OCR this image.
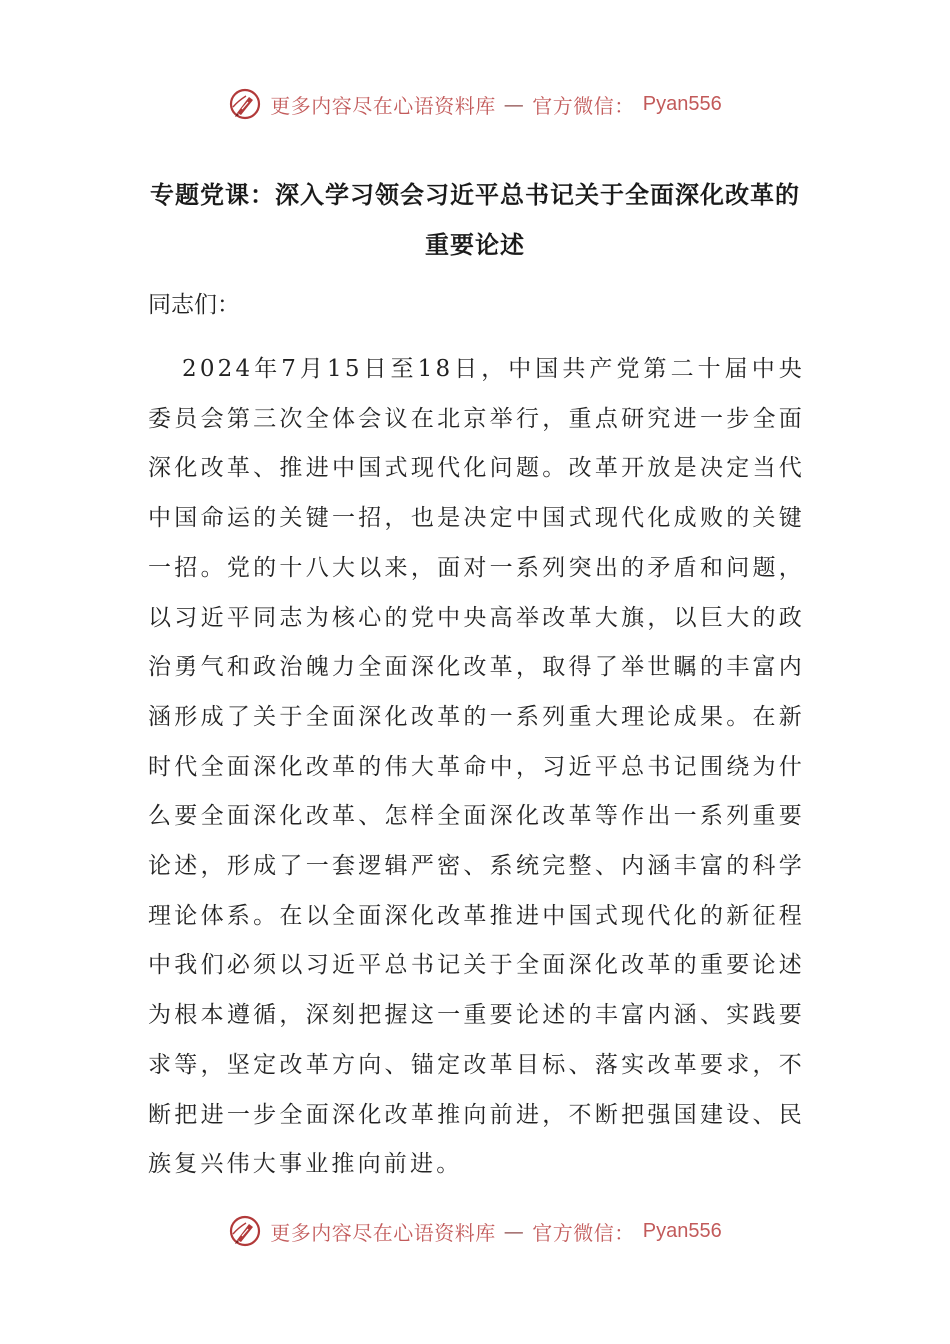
更多内容尽在心语资料库 — 官方微信： Pyan556
专题党课：深入学习领会习近平总书记关于全面深化改革的重要论述
同志们：
2024年7月15日至18日，中国共产党第二十届中央委员会第三次全体会议在北京举行，重点研究进一步全面深化改革、推进中国式现代化问题。改革开放是决定当代中国命运的关键一招，也是决定中国式现代化成败的关键一招。党的十八大以来，面对一系列突出的矛盾和问题，以习近平同志为核心的党中央高举改革大旗，以巨大的政治勇气和政治魄力全面深化改革，取得了举世瞩的丰富内涵形成了关于全面深化改革的一系列重大理论成果。在新时代全面深化改革的伟大革命中，习近平总书记围绕为什么要全面深化改革、怎样全面深化改革等作出一系列重要论述，形成了一套逻辑严密、系统完整、内涵丰富的科学理论体系。在以全面深化改革推进中国式现代化的新征程中我们必须以习近平总书记关于全面深化改革的重要论述为根本遵循，深刻把握这一重要论述的丰富内涵、实践要求等，坚定改革方向、锚定改革目标、落实改革要求，不断把进一步全面深化改革推向前进，不断把强国建设、民族复兴伟大事业推向前进。
更多内容尽在心语资料库 — 官方微信： Pyan556
